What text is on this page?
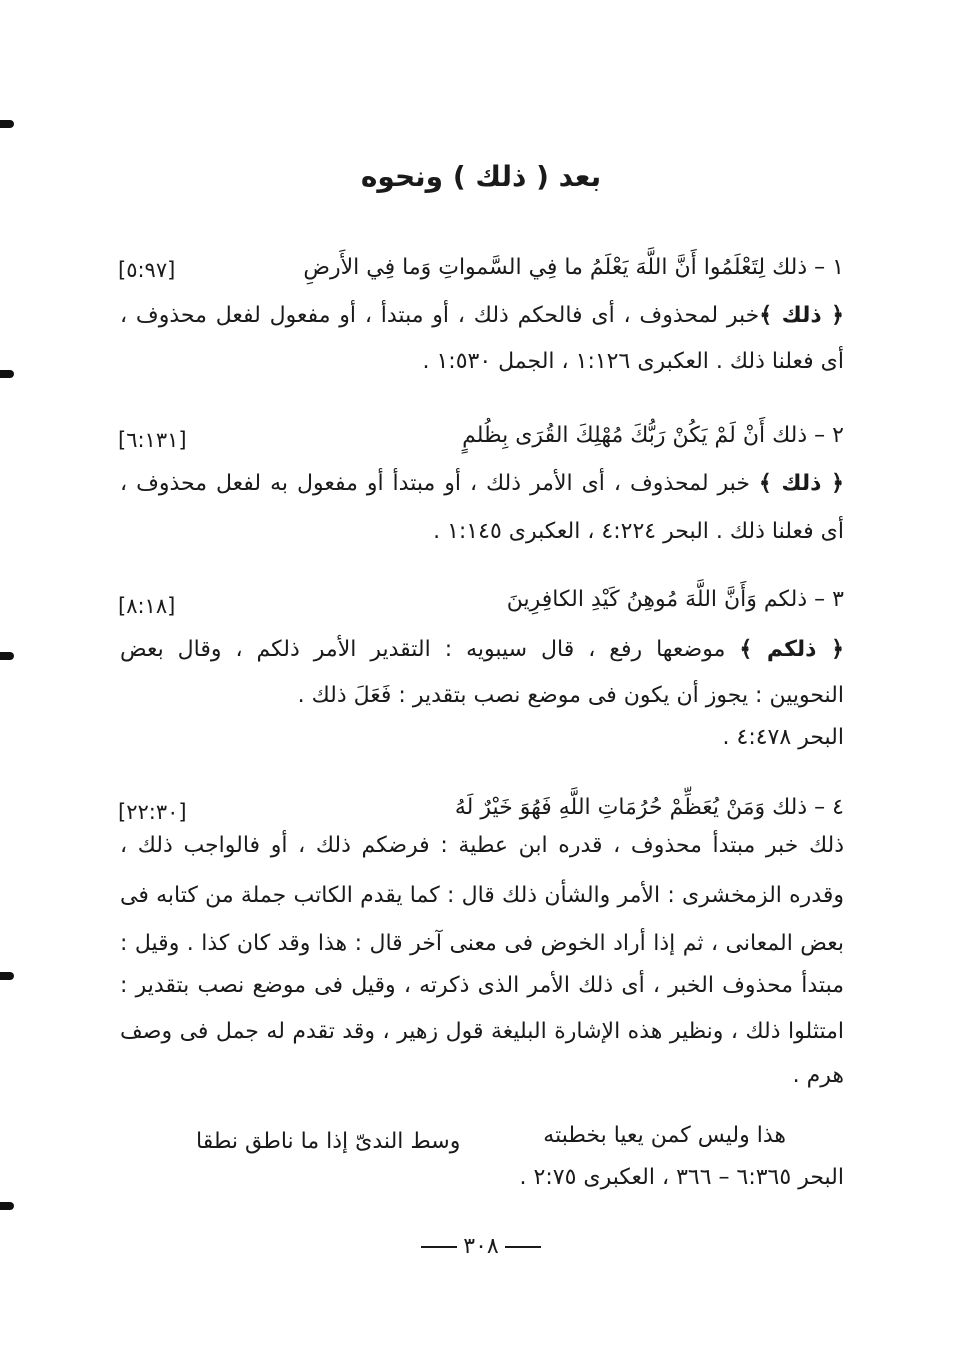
بعد ( ذلك ) ونحوه
١ – ذلك لِتَعْلَمُوا أَنَّ اللَّهَ يَعْلَمُ ما فِي السَّمواتِ وَما فِي الأَرضِ
[٥:٩٧]
﴿ ذلك ﴾خبر لمحذوف ، أى فالحكم ذلك ، أو مبتدأ ، أو مفعول لفعل محذوف ،
أى فعلنا ذلك . العكبرى ١:١٢٦ ، الجمل ١:٥٣٠ .
٢ – ذلك أَنْ لَمْ يَكُنْ رَبُّكَ مُهْلِكَ القُرَى بِظُلمٍ
[٦:١٣١]
﴿ ذلك ﴾ خبر لمحذوف ، أى الأمر ذلك ، أو مبتدأ أو مفعول به لفعل محذوف ،
أى فعلنا ذلك . البحر ٤:٢٢٤ ، العكبرى ١:١٤٥ .
٣ – ذلكم وَأَنَّ اللَّهَ مُوهِنُ كَيْدِ الكافِرِينَ
[٨:١٨]
﴿ ذلكم ﴾ موضعها رفع ، قال سيبويه : التقدير الأمر ذلكم ، وقال بعض
النحويين : يجوز أن يكون فى موضع نصب بتقدير : فَعَلَ ذلك .
البحر ٤:٤٧٨ .
٤ – ذلك وَمَنْ يُعَظِّمْ حُرُمَاتِ اللَّهِ فَهُوَ خَيْرٌ لَهُ
[٢٢:٣٠]
ذلك خبر مبتدأ محذوف ، قدره ابن عطية : فرضكم ذلك ، أو فالواجب ذلك ،
وقدره الزمخشرى : الأمر والشأن ذلك قال : كما يقدم الكاتب جملة من كتابه فى
بعض المعانى ، ثم إذا أراد الخوض فى معنى آخر قال : هذا وقد كان كذا . وقيل :
مبتدأ محذوف الخبر ، أى ذلك الأمر الذى ذكرته ، وقيل فى موضع نصب بتقدير :
امتثلوا ذلك ، ونظير هذه الإشارة البليغة قول زهير ، وقد تقدم له جمل فى وصف
هرم .
هذا وليس كمن يعيا بخطبته
وسط الندىّ إذا ما ناطق نطقا
البحر ٦:٣٦٥ – ٣٦٦ ، العكبرى ٢:٧٥ .
٣٠٨
